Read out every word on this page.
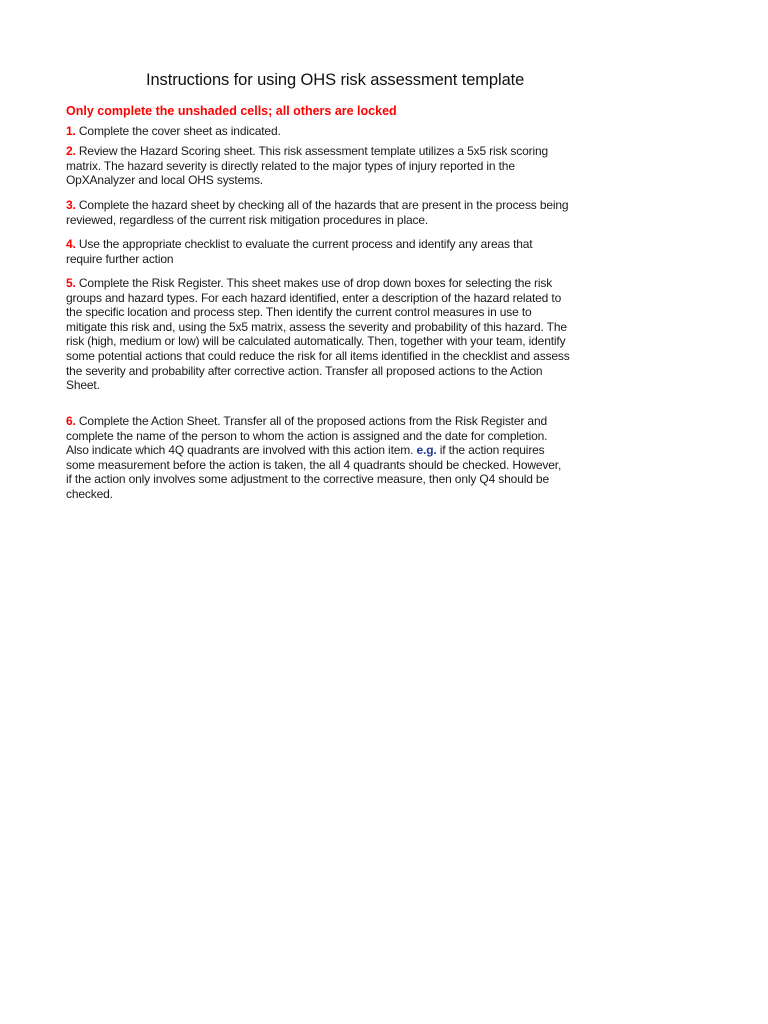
Instructions for using OHS risk assessment template
Only complete the unshaded cells; all others are locked
1. Complete the cover sheet as indicated.
2. Review the Hazard Scoring sheet. This risk assessment template utilizes a 5x5 risk scoring matrix. The hazard severity is directly related to the major types of injury reported in the OpXAnalyzer and local OHS systems.
3. Complete the hazard sheet by checking all of the hazards that are present in the process being reviewed, regardless of the current risk mitigation procedures in place.
4. Use the appropriate checklist to evaluate the current process and identify any areas that require further action
5. Complete the Risk Register. This sheet makes use of drop down boxes for selecting the risk groups and hazard types. For each hazard identified, enter a description of the hazard related to the specific location and process step. Then identify the current control measures in use to mitigate this risk and, using the 5x5 matrix, assess the severity and probability of this hazard. The risk (high, medium or low) will be calculated automatically. Then, together with your team, identify some potential actions that could reduce the risk for all items identified in the checklist and assess the severity and probability after corrective action. Transfer all proposed actions to the Action Sheet.
6. Complete the Action Sheet. Transfer all of the proposed actions from the Risk Register and complete the name of the person to whom the action is assigned and the date for completion. Also indicate which 4Q quadrants are involved with this action item. e.g. if the action requires some measurement before the action is taken, the all 4 quadrants should be checked. However, if the action only involves some adjustment to the corrective measure, then only Q4 should be checked.
